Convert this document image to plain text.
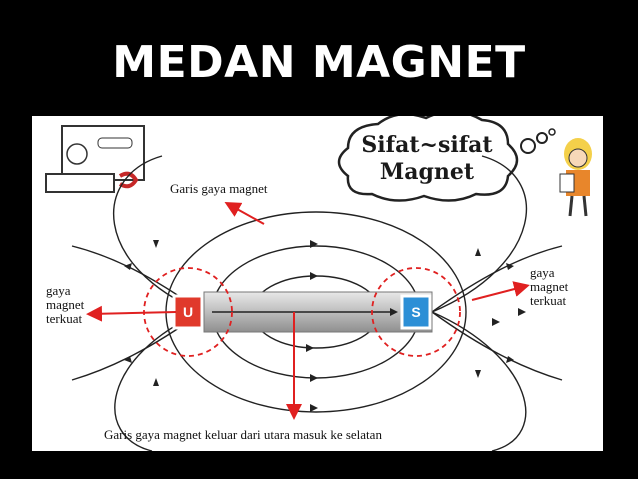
MEDAN MAGNET
Sifat~sifat
Magnet
Garis gaya magnet
gaya
magnet
terkuat
gaya
magnet
terkuat
U	S
Garis gaya magnet keluar dari utara masuk ke selatan
